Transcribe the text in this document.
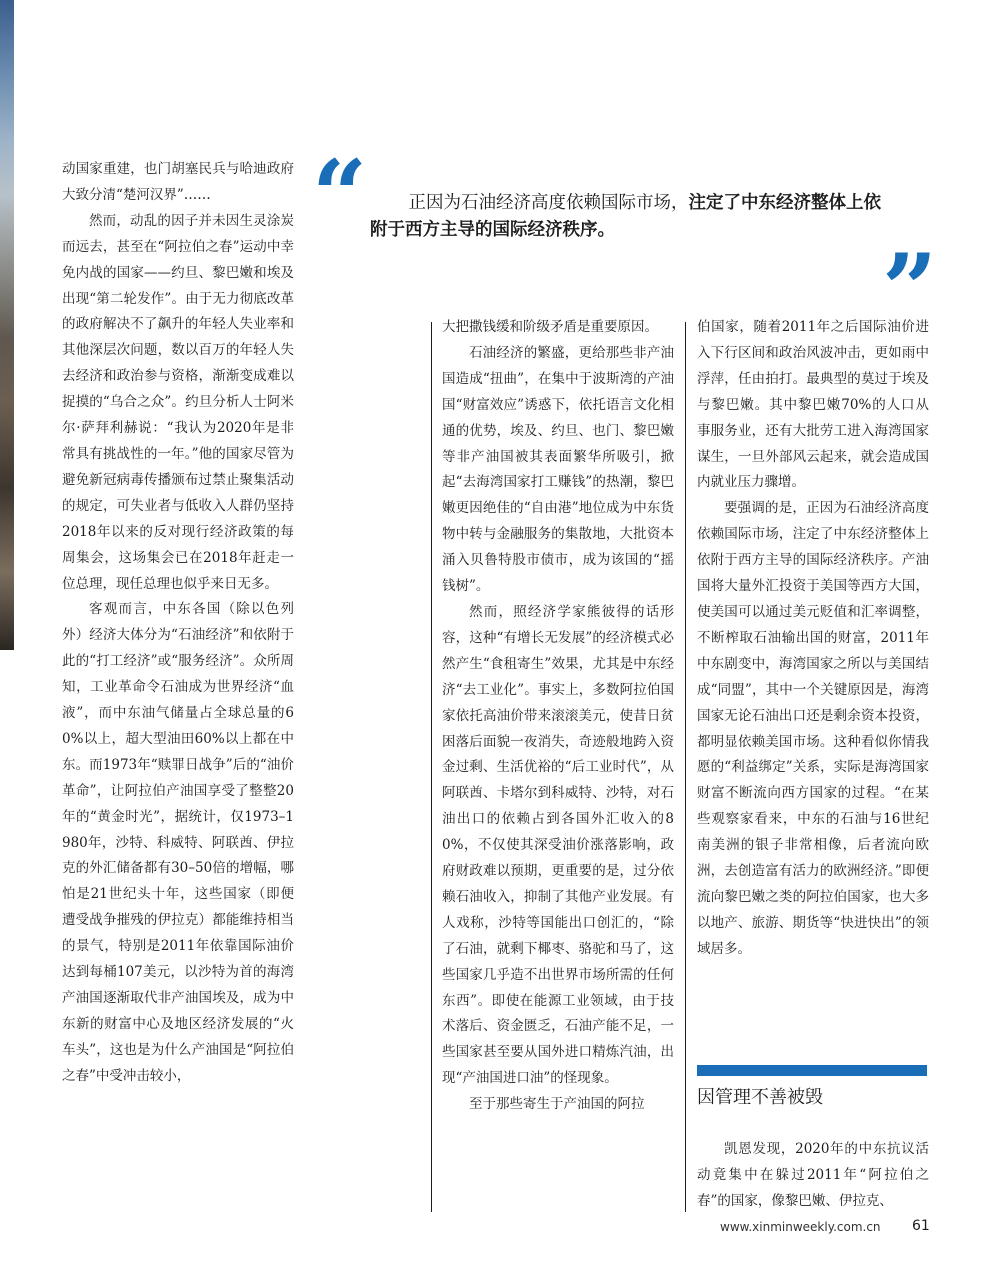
“	正因为石油经济高度依赖国际市场，注定了中东经济整体上依附于西方主导的国际经济秩序。
”

动国家重建，也门胡塞民兵与哈迪政府大致分清“楚河汉界”……

然而，动乱的因子并未因生灵涂炭而远去，甚至在“阿拉伯之春”运动中幸免内战的国家——约旦、黎巴嫩和埃及出现“第二轮发作”。由于无力彻底改革的政府解决不了飙升的年轻人失业率和其他深层次问题，数以百万的年轻人失去经济和政治参与资格，渐渐变成难以捉摸的“乌合之众”。约旦分析人士阿米尔·萨拜利赫说：“我认为2020年是非常具有挑战性的一年。”他的国家尽管为避免新冠病毒传播颁布过禁止聚集活动的规定，可失业者与低收入人群仍坚持2018年以来的反对现行经济政策的每周集会，这场集会已在2018年赶走一位总理，现任总理也似乎来日无多。

客观而言，中东各国（除以色列外）经济大体分为“石油经济”和依附于此的“打工经济”或“服务经济”。众所周知，工业革命令石油成为世界经济“血液”，而中东油气储量占全球总量的60%以上，超大型油田60%以上都在中东。而1973年“赎罪日战争”后的“油价革命”，让阿拉伯产油国享受了整整20年的“黄金时光”，据统计，仅1973–1980年，沙特、科威特、阿联酋、伊拉克的外汇储备都有30–50倍的增幅，哪怕是21世纪头十年，这些国家（即便遭受战争摧残的伊拉克）都能维持相当的景气，特别是2011年依靠国际油价达到每桶107美元，以沙特为首的海湾产油国逐渐取代非产油国埃及，成为中东新的财富中心及地区经济发展的“火车头”，这也是为什么产油国是“阿拉伯之春”中受冲击较小，

大把撒钱缓和阶级矛盾是重要原因。

石油经济的繁盛，更给那些非产油国造成“扭曲”，在集中于波斯湾的产油国“财富效应”诱惑下，依托语言文化相通的优势，埃及、约旦、也门、黎巴嫩等非产油国被其表面繁华所吸引，掀起“去海湾国家打工赚钱”的热潮，黎巴嫩更因绝佳的“自由港”地位成为中东货物中转与金融服务的集散地，大批资本涌入贝鲁特股市债市，成为该国的“摇钱树”。

然而，照经济学家熊彼得的话形容，这种“有增长无发展”的经济模式必然产生“食租寄生”效果，尤其是中东经济“去工业化”。事实上，多数阿拉伯国家依托高油价带来滚滚美元，使昔日贫困落后面貌一夜消失，奇迹般地跨入资金过剩、生活优裕的“后工业时代”，从阿联酋、卡塔尔到科威特、沙特，对石油出口的依赖占到各国外汇收入的80%，不仅使其深受油价涨落影响，政府财政难以预期，更重要的是，过分依赖石油收入，抑制了其他产业发展。有人戏称，沙特等国能出口创汇的，“除了石油，就剩下椰枣、骆驼和马了，这些国家几乎造不出世界市场所需的任何东西”。即使在能源工业领域，由于技术落后、资金匮乏，石油产能不足，一些国家甚至要从国外进口精炼汽油，出现“产油国进口油”的怪现象。

至于那些寄生于产油国的阿拉

伯国家，随着2011年之后国际油价进入下行区间和政治风波冲击，更如雨中浮萍，任由拍打。最典型的莫过于埃及与黎巴嫩。其中黎巴嫩70%的人口从事服务业，还有大批劳工进入海湾国家谋生，一旦外部风云起来，就会造成国内就业压力骤增。

要强调的是，正因为石油经济高度依赖国际市场，注定了中东经济整体上依附于西方主导的国际经济秩序。产油国将大量外汇投资于美国等西方大国，使美国可以通过美元贬值和汇率调整，不断榨取石油输出国的财富，2011年中东剧变中，海湾国家之所以与美国结成“同盟”，其中一个关键原因是，海湾国家无论石油出口还是剩余资本投资，都明显依赖美国市场。这种看似你情我愿的“利益绑定”关系，实际是海湾国家财富不断流向西方国家的过程。“在某些观察家看来，中东的石油与16世纪南美洲的银子非常相像，后者流向欧洲，去创造富有活力的欧洲经济。”即便流向黎巴嫩之类的阿拉伯国家，也大多以地产、旅游、期货等“快进快出”的领域居多。

因管理不善被毁

凯恩发现，2020年的中东抗议活动竟集中在躲过2011年“阿拉伯之春”的国家，像黎巴嫩、伊拉克、

www.xinminweekly.com.cn 61
